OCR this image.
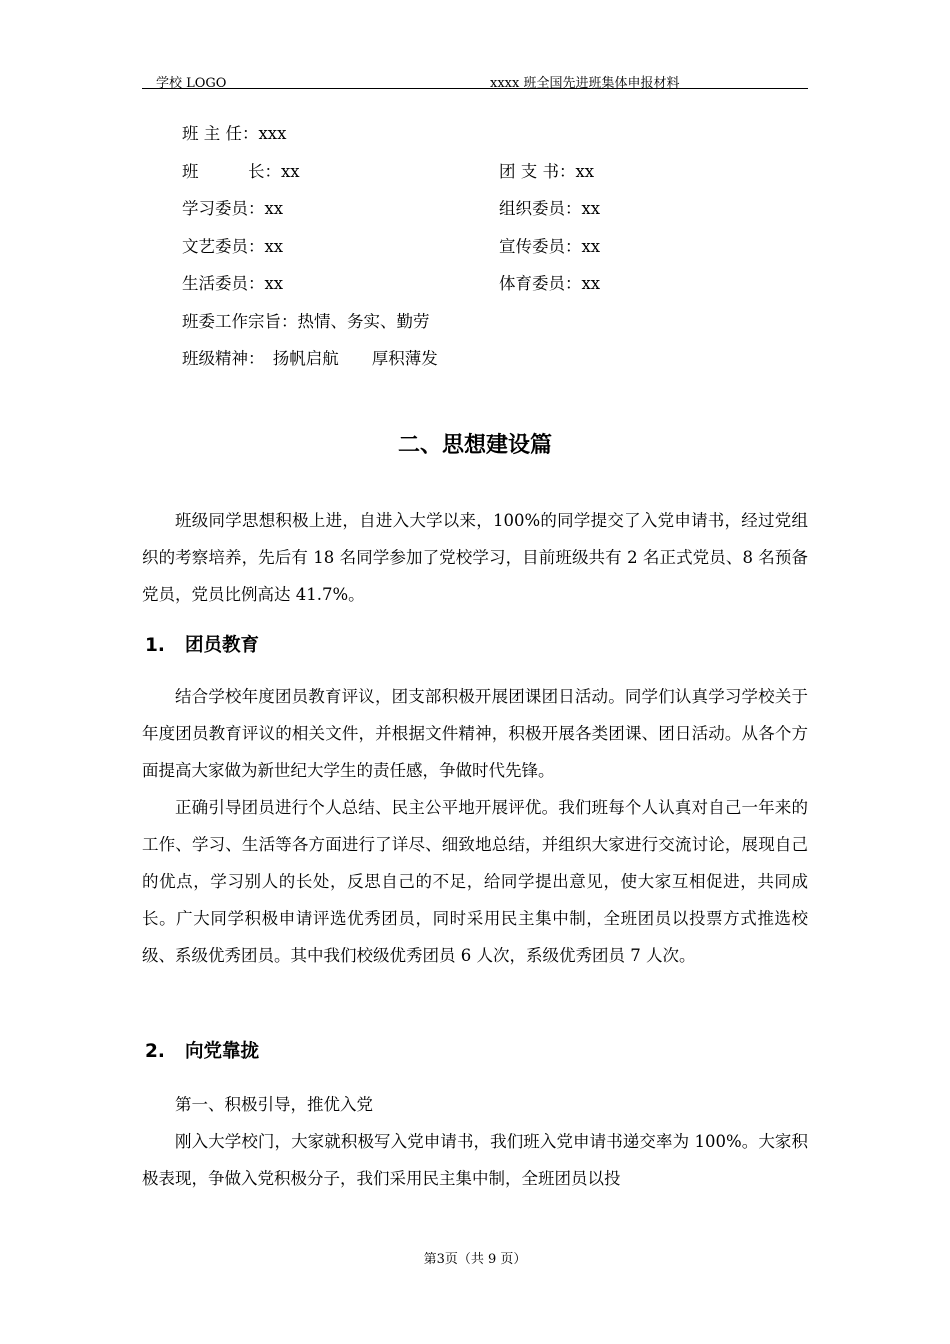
学校 LOGO	xxxx 班全国先进班集体申报材料
班 主 任：xxx
班　　　长：xx	团 支 书：xx
学习委员：xx	组织委员：xx
文艺委员：xx	宣传委员：xx
生活委员：xx	体育委员：xx
班委工作宗旨：热情、务实、勤劳
班级精神：　扬帆启航　　厚积薄发
二、思想建设篇

班级同学思想积极上进，自进入大学以来，100%的同学提交了入党申请书，经过党组织的考察培养，先后有 18 名同学参加了党校学习，目前班级共有 2 名正式党员、8 名预备党员，党员比例高达 41.7%。

1. 团员教育

结合学校年度团员教育评议，团支部积极开展团课团日活动。同学们认真学习学校关于年度团员教育评议的相关文件，并根据文件精神，积极开展各类团课、团日活动。从各个方面提高大家做为新世纪大学生的责任感，争做时代先锋。

正确引导团员进行个人总结、民主公平地开展评优。我们班每个人认真对自己一年来的工作、学习、生活等各方面进行了详尽、细致地总结，并组织大家进行交流讨论，展现自己的优点，学习别人的长处，反思自己的不足，给同学提出意见，使大家互相促进，共同成长。广大同学积极申请评选优秀团员，同时采用民主集中制，全班团员以投票方式推选校级、系级优秀团员。其中我们校级优秀团员 6 人次，系级优秀团员 7 人次。

2. 向党靠拢

第一、积极引导，推优入党

刚入大学校门，大家就积极写入党申请书，我们班入党申请书递交率为 100%。大家积极表现，争做入党积极分子，我们采用民主集中制，全班团员以投

第3页（共 9 页）
